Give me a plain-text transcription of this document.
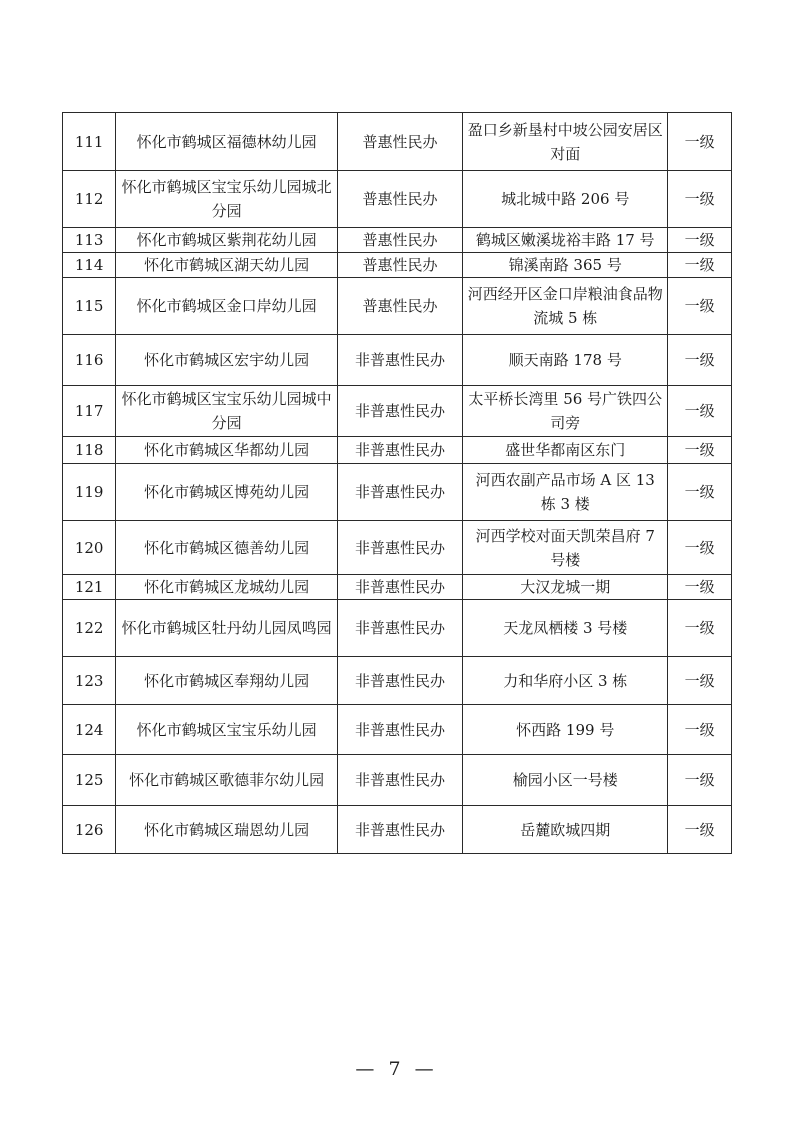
111	怀化市鹤城区福德林幼儿园	普惠性民办	盈口乡新垦村中坡公园安居区对面	一级
112	怀化市鹤城区宝宝乐幼儿园城北分园	普惠性民办	城北城中路 206 号	一级
113	怀化市鹤城区紫荆花幼儿园	普惠性民办	鹤城区嫩溪垅裕丰路 17 号	一级
114	怀化市鹤城区湖天幼儿园	普惠性民办	锦溪南路 365 号	一级
115	怀化市鹤城区金口岸幼儿园	普惠性民办	河西经开区金口岸粮油食品物流城 5 栋	一级
116	怀化市鹤城区宏宇幼儿园	非普惠性民办	顺天南路 178 号	一级
117	怀化市鹤城区宝宝乐幼儿园城中分园	非普惠性民办	太平桥长湾里 56 号广铁四公司旁	一级
118	怀化市鹤城区华都幼儿园	非普惠性民办	盛世华都南区东门	一级
119	怀化市鹤城区博苑幼儿园	非普惠性民办	河西农副产品市场 A 区 13 栋 3 楼	一级
120	怀化市鹤城区德善幼儿园	非普惠性民办	河西学校对面天凯荣昌府 7 号楼	一级
121	怀化市鹤城区龙城幼儿园	非普惠性民办	大汉龙城一期	一级
122	怀化市鹤城区牡丹幼儿园凤鸣园	非普惠性民办	天龙凤栖楼 3 号楼	一级
123	怀化市鹤城区奉翔幼儿园	非普惠性民办	力和华府小区 3 栋	一级
124	怀化市鹤城区宝宝乐幼儿园	非普惠性民办	怀西路 199 号	一级
125	怀化市鹤城区歌德菲尔幼儿园	非普惠性民办	榆园小区一号楼	一级
126	怀化市鹤城区瑞恩幼儿园	非普惠性民办	岳麓欧城四期	一级
— 7 —
